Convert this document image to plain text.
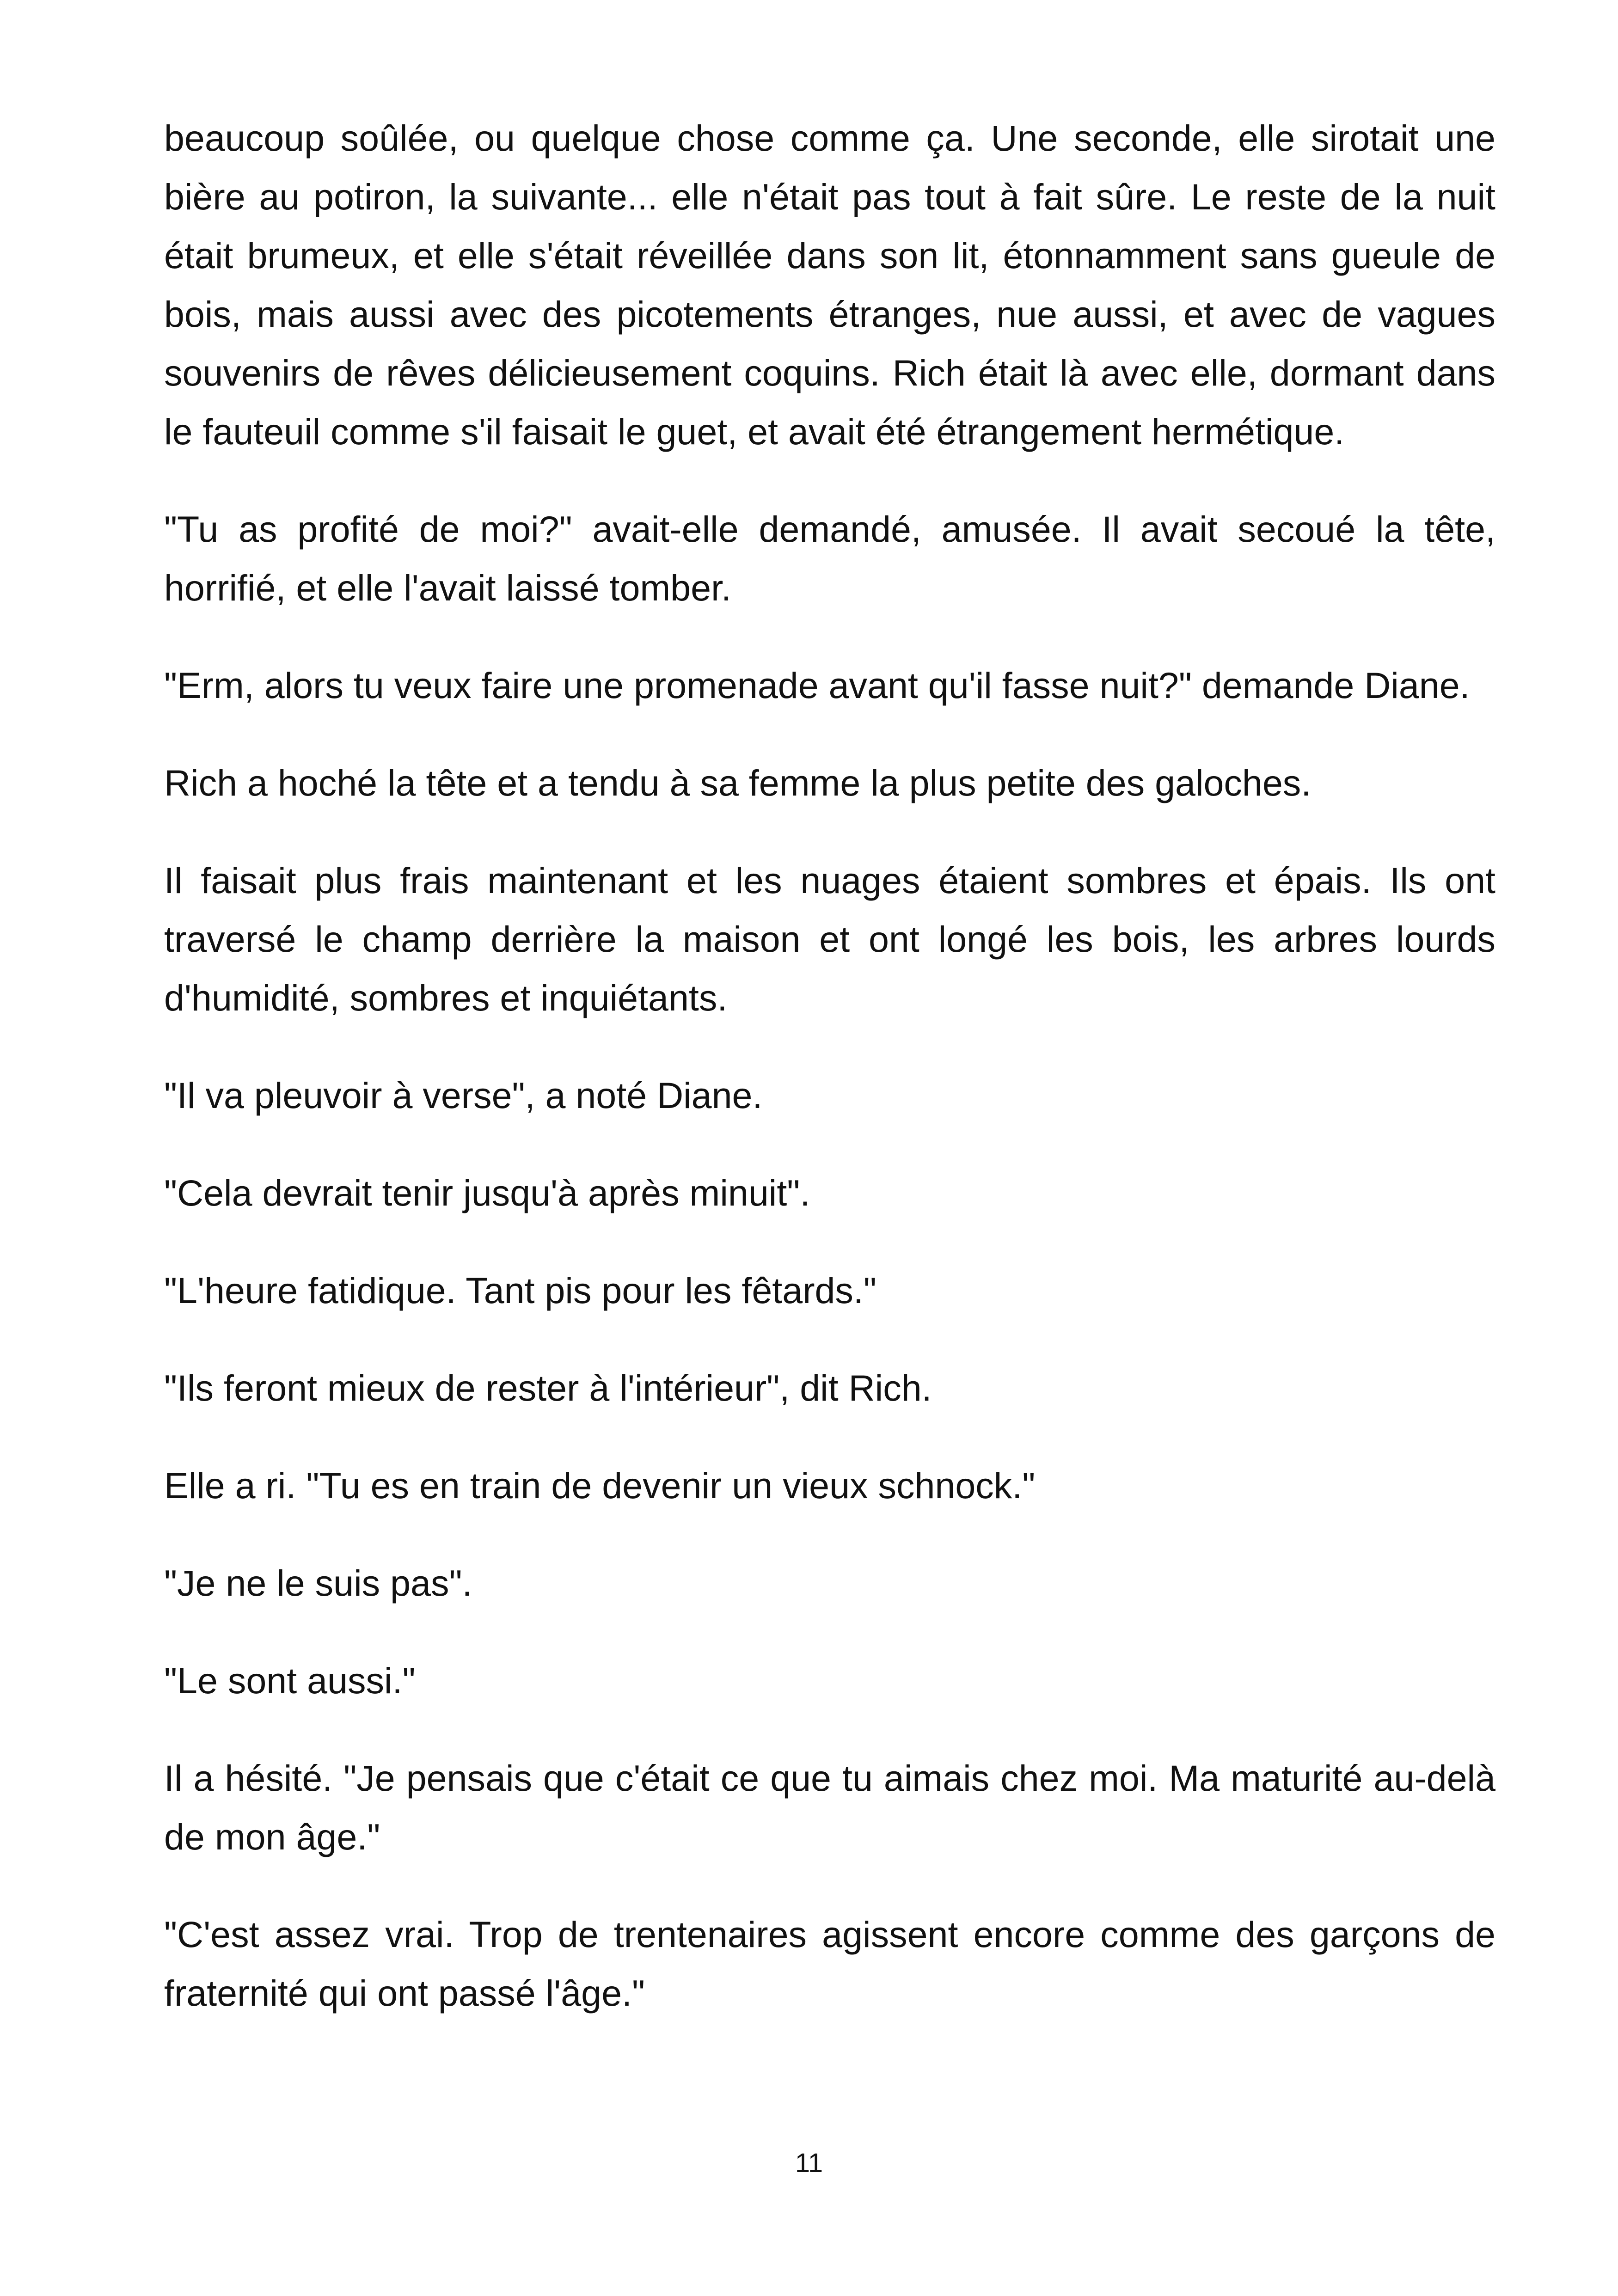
beaucoup soûlée, ou quelque chose comme ça. Une seconde, elle sirotait une bière au potiron, la suivante... elle n'était pas tout à fait sûre. Le reste de la nuit était brumeux, et elle s'était réveillée dans son lit, étonnamment sans gueule de bois, mais aussi avec des picotements étranges, nue aussi, et avec de vagues souvenirs de rêves délicieusement coquins. Rich était là avec elle, dormant dans le fauteuil comme s'il faisait le guet, et avait été étrangement hermétique.

"Tu as profité de moi?" avait-elle demandé, amusée. Il avait secoué la tête, horrifié, et elle l'avait laissé tomber.

"Erm, alors tu veux faire une promenade avant qu'il fasse nuit?" demande Diane.

Rich a hoché la tête et a tendu à sa femme la plus petite des galoches.

Il faisait plus frais maintenant et les nuages étaient sombres et épais. Ils ont traversé le champ derrière la maison et ont longé les bois, les arbres lourds d'humidité, sombres et inquiétants.

"Il va pleuvoir à verse", a noté Diane.

"Cela devrait tenir jusqu'à après minuit".

"L'heure fatidique. Tant pis pour les fêtards."

"Ils feront mieux de rester à l'intérieur", dit Rich.

Elle a ri. "Tu es en train de devenir un vieux schnock."

"Je ne le suis pas".

"Le sont aussi."

Il a hésité. "Je pensais que c'était ce que tu aimais chez moi. Ma maturité au-delà de mon âge."

"C'est assez vrai. Trop de trentenaires agissent encore comme des garçons de fraternité qui ont passé l'âge."

11
